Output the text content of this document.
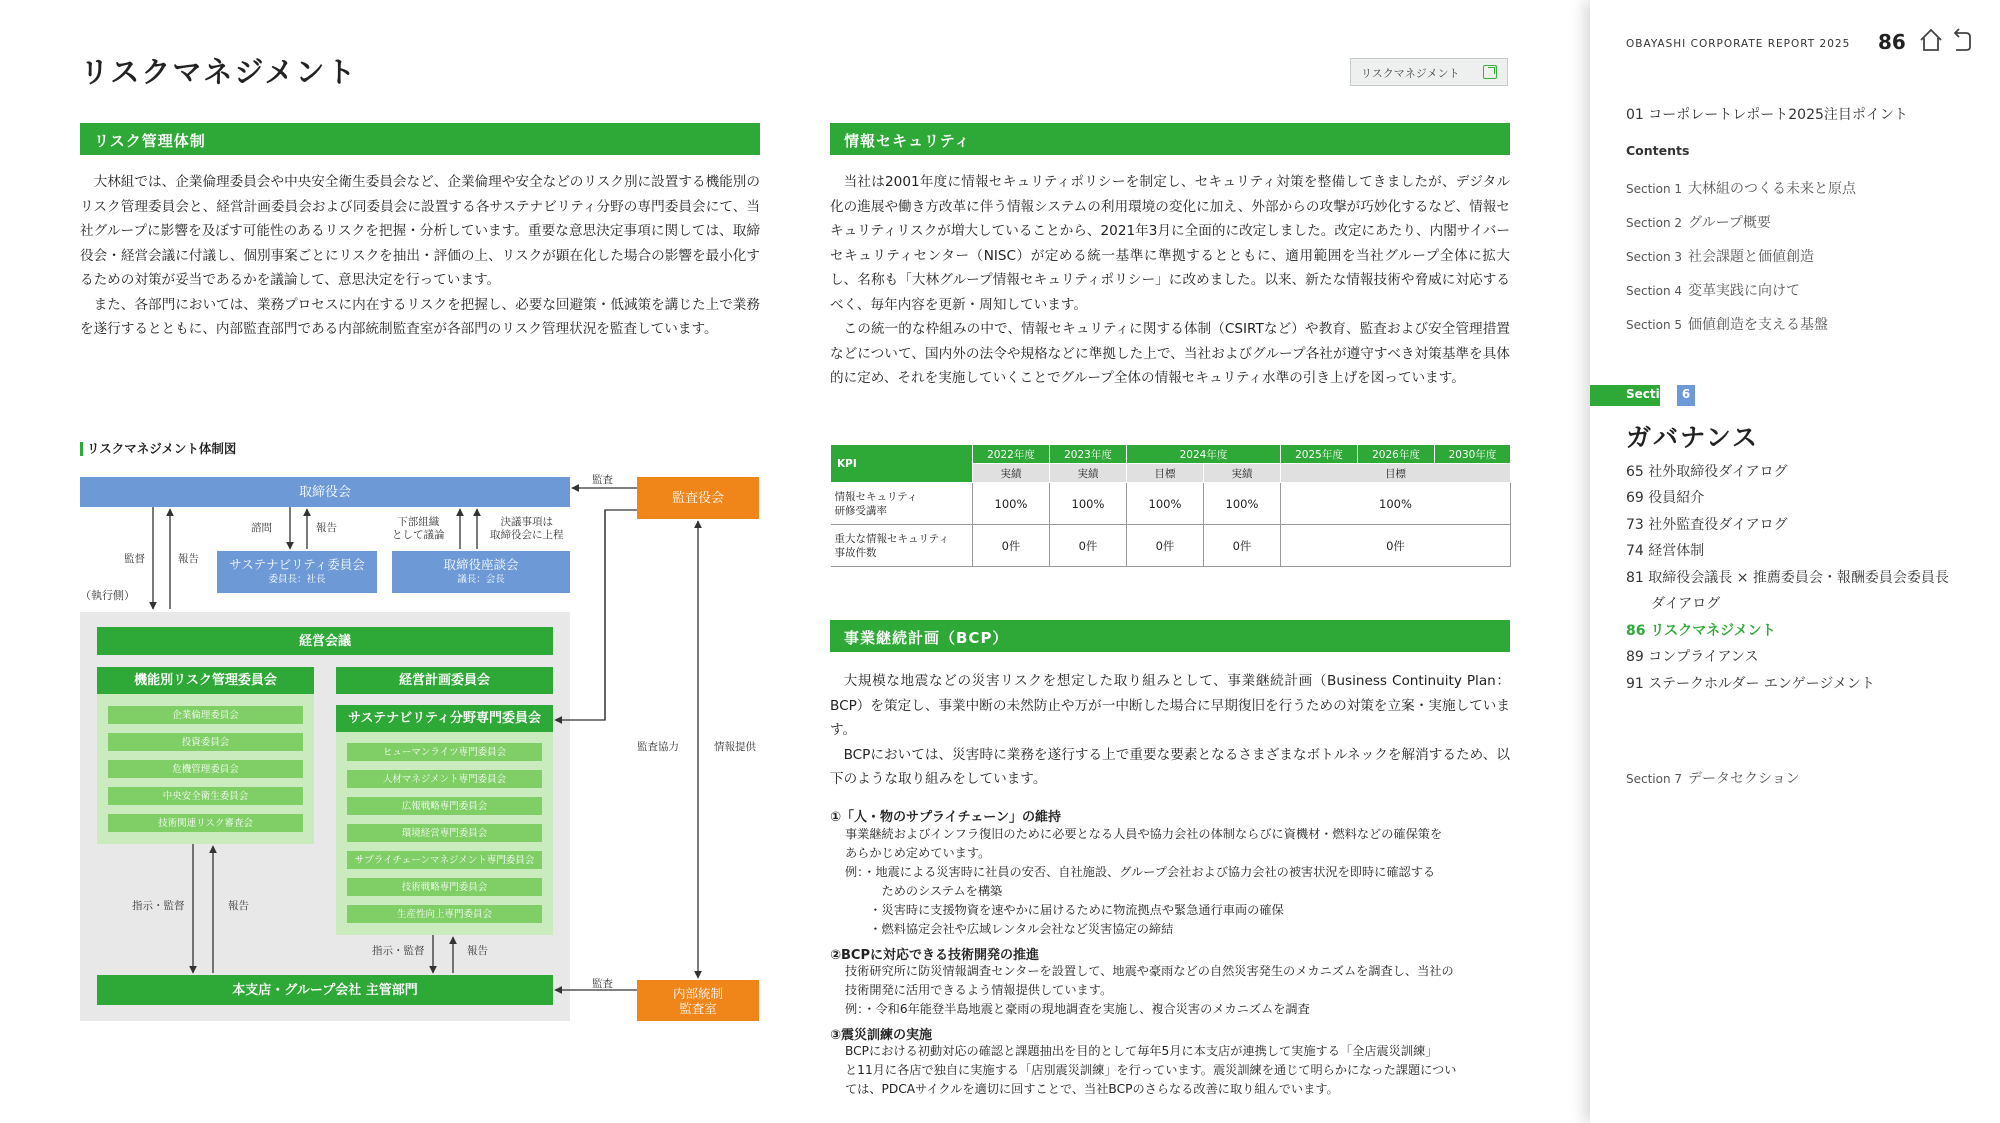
リスクマネジメント	リスクマネジメント
リスク管理体制

大林組では、企業倫理委員会や中央安全衛生委員会など、企業倫理や安全などのリスク別に設置する機能別のリスク管理委員会と、経営計画委員会および同委員会に設置する各サステナビリティ分野の専門委員会にて、当社グループに影響を及ぼす可能性のあるリスクを把握・分析しています。重要な意思決定事項に関しては、取締役会・経営会議に付議し、個別事案ごとにリスクを抽出・評価の上、リスクが顕在化した場合の影響を最小化するための対策が妥当であるかを議論して、意思決定を行っています。

また、各部門においては、業務プロセスに内在するリスクを把握し、必要な回避策・低減策を講じた上で業務を遂行するとともに、内部監査部門である内部統制監査室が各部門のリスク管理状況を監査しています。

リスクマネジメント体制図
取締役会	監査役会
サステナビリティ委員会
委員長：社長
取締役座談会
議長：会長
（執行側）
経営会議
機能別リスク管理委員会	経営計画委員会
サステナビリティ分野専門委員会
企業倫理委員会
投資委員会
危機管理委員会
中央安全衛生委員会
技術関連リスク審査会
ヒューマンライツ専門委員会
人材マネジメント専門委員会
広報戦略専門委員会
環境経営専門委員会
サプライチェーンマネジメント専門委員会
技術戦略専門委員会
生産性向上専門委員会
本支店・グループ会社 主管部門	内部統制
監査室
監査
監督	報告
諮問	報告	下部組織
として議論
決議事項は
取締役会に上程
監査協力	情報提供
指示・監督	報告
指示・監督	報告
監査
情報セキュリティ

当社は2001年度に情報セキュリティポリシーを制定し、セキュリティ対策を整備してきましたが、デジタル化の進展や働き方改革に伴う情報システムの利用環境の変化に加え、外部からの攻撃が巧妙化するなど、情報セキュリティリスクが増大していることから、2021年3月に全面的に改定しました。改定にあたり、内閣サイバーセキュリティセンター（NISC）が定める統一基準に準拠するとともに、適用範囲を当社グループ全体に拡大し、名称も「大林グループ情報セキュリティポリシー」に改めました。以来、新たな情報技術や脅威に対応するべく、毎年内容を更新・周知しています。

この統一的な枠組みの中で、情報セキュリティに関する体制（CSIRTなど）や教育、監査および安全管理措置などについて、国内外の法令や規格などに準拠した上で、当社およびグループ各社が遵守すべき対策基準を具体的に定め、それを実施していくことでグループ全体の情報セキュリティ水準の引き上げを図っています。

KPI	2022年度	2023年度	2024年度		2025年度	2026年度	2030年度
	実績	実績	目標	実績	目標		
情報セキュリティ
研修受講率	100%	100%	100%	100%	100%		
重大な情報セキュリティ
事故件数	0件	0件	0件	0件	0件		
事業継続計画（BCP）

大規模な地震などの災害リスクを想定した取り組みとして、事業継続計画（Business Continuity Plan：BCP）を策定し、事業中断の未然防止や万が一中断した場合に早期復旧を行うための対策を立案・実施しています。

BCPにおいては、災害時に業務を遂行する上で重要な要素となるさまざまなボトルネックを解消するため、以下のような取り組みをしています。

①「人・物のサプライチェーン」の維持
事業継続およびインフラ復旧のために必要となる人員や協力会社の体制ならびに資機材・燃料などの確保策を
あらかじめ定めています。
例：・地震による災害時に社員の安否、自社施設、グループ会社および協力会社の被害状況を即時に確認する
　　　ためのシステムを構築
　　・災害時に支援物資を速やかに届けるために物流拠点や緊急通行車両の確保
　　・燃料協定会社や広域レンタル会社など災害協定の締結
②BCPに対応できる技術開発の推進
技術研究所に防災情報調査センターを設置して、地震や豪雨などの自然災害発生のメカニズムを調査し、当社の
技術開発に活用できるよう情報提供しています。
例：・令和6年能登半島地震と豪雨の現地調査を実施し、複合災害のメカニズムを調査
③震災訓練の実施
BCPにおける初動対応の確認と課題抽出を目的として毎年5月に本支店が連携して実施する「全店震災訓練」
と11月に各店で独自に実施する「店別震災訓練」を行っています。震災訓練を通じて明らかになった課題につい
ては、PDCAサイクルを適切に回すことで、当社BCPのさらなる改善に取り組んでいます。
OBAYASHI CORPORATE REPORT 2025 86
01 コーポレートレポート2025注目ポイント
Contents
Section 1 大林組のつくる未来と原点
Section 2 グループ概要
Section 3 社会課題と価値創造
Section 4 変革実践に向けて
Section 5 価値創造を支える基盤
Section 6
ガバナンス
65 社外取締役ダイアログ
69 役員紹介
73 社外監査役ダイアログ
74 経営体制
81 取締役会議長 × 推薦委員会・報酬委員会委員長
ダイアログ
86 リスクマネジメント
89 コンプライアンス
91 ステークホルダー エンゲージメント
Section 7 データセクション
